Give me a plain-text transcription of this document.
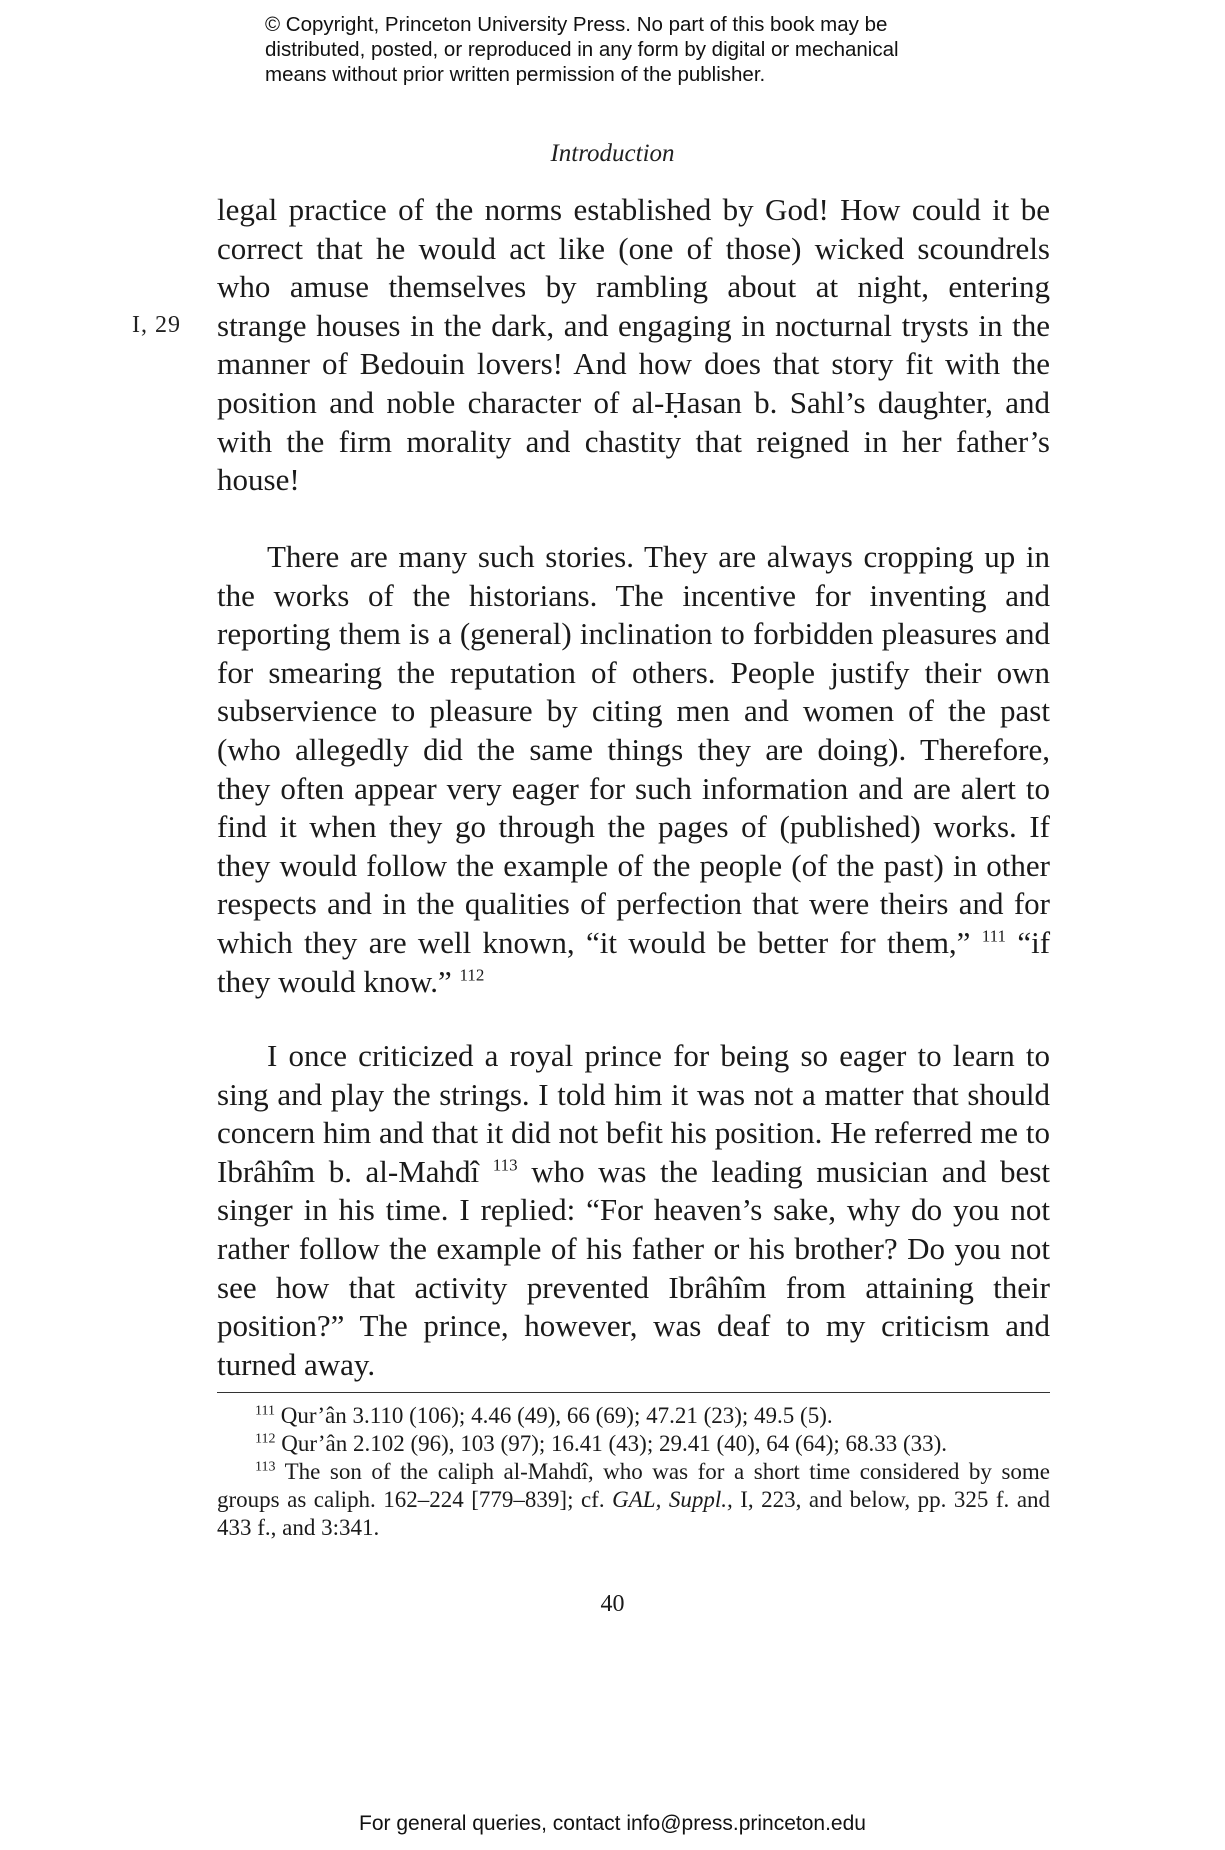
© Copyright, Princeton University Press. No part of this book may be
distributed, posted, or reproduced in any form by digital or mechanical
means without prior written permission of the publisher.
Introduction
I, 29

legal practice of the norms established by God! How could it be correct that he would act like (one of those) wicked scoundrels who amuse themselves by rambling about at night, entering strange houses in the dark, and engaging in nocturnal trysts in the manner of Bedouin lovers! And how does that story fit with the position and noble character of al-Ḥasan b. Sahl’s daughter, and with the firm morality and chastity that reigned in her father’s house!

There are many such stories. They are always cropping up in the works of the historians. The incentive for inventing and reporting them is a (general) inclination to forbidden pleasures and for smearing the reputation of others. People justify their own subservience to pleasure by citing men and women of the past (who allegedly did the same things they are doing). Therefore, they often appear very eager for such information and are alert to find it when they go through the pages of (published) works. If they would follow the example of the people (of the past) in other respects and in the qualities of perfection that were theirs and for which they are well known, “it would be better for them,” $^{111}$ “if they would know.” $^{112}$

I once criticized a royal prince for being so eager to learn to sing and play the strings. I told him it was not a matter that should concern him and that it did not befit his position. He referred me to Ibrâhîm b. al-Mahdî $^{113}$ who was the leading musician and best singer in his time. I replied: “For heaven’s sake, why do you not rather follow the example of his father or his brother? Do you not see how that activity prevented Ibrâhîm from attaining their position?” The prince, however, was deaf to my criticism and turned away.

$^{111}$ Qur’ân 3.110 (106); 4.46 (49), 66 (69); 47.21 (23); 49.5 (5).

$^{112}$ Qur’ân 2.102 (96), 103 (97); 16.41 (43); 29.41 (40), 64 (64); 68.33 (33).

$^{113}$ The son of the caliph al-Mahdî, who was for a short time considered by some groups as caliph. 162–224 [779–839]; cf. GAL, Suppl., I, 223, and below, pp. 325 f. and 433 f., and 3:341.

40
For general queries, contact info@press.princeton.edu
